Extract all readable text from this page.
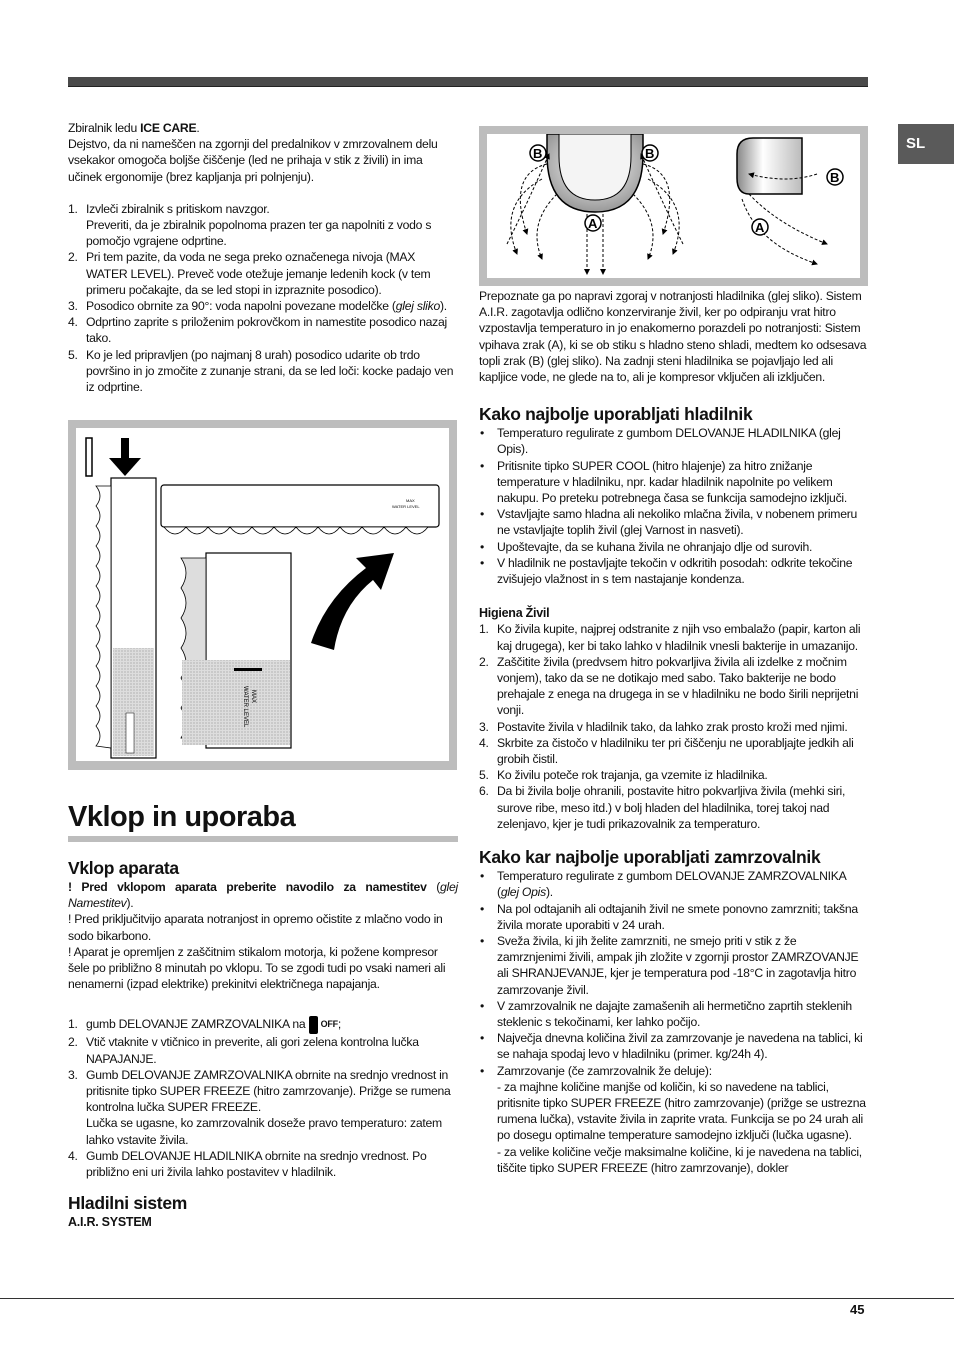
SL

Zbiralnik ledu ICE CARE.

Dejstvo, da ni nameščen na zgornji del predalnikov v zmrzovalnem delu vsekakor omogoča boljše čiščenje (led ne prihaja v stik z živili) in ima učinek ergonomije (brez kapljanja pri polnjenju).

1. Izvleči zbiralnik s pritiskom navzgor.
Preveriti, da je zbiralnik popolnoma prazen ter ga napolniti z vodo s pomočjo vgrajene odprtine.
2. Pri tem pazite, da voda ne sega preko označenega nivoja (MAX WATER LEVEL). Preveč vode otežuje jemanje ledenih kock (v tem primeru počakajte, da se led stopi in izpraznite posodico).
3. Posodico obrnite za 90°: voda napolni povezane modelčke (glej sliko).
4. Odprtino zaprite s priloženim pokrovčkom in namestite posodico nazaj tako.
5. Ko je led pripravljen (po najmanj 8 urah) posodico udarite ob trdo površino in jo zmočite z zunanje strani, da se led loči: kocke padajo ven iz odprtine.
MAX
WATER LEVEL
MAX
WATER LEVEL
Vklop in uporaba
Vklop aparata

! Pred vklopom aparata preberite navodilo za namestitev (glej Namestitev).

! Pred priključitvijo aparata notranjost in opremo očistite z mlačno vodo in sodo bikarbono.

! Aparat je opremljen z zaščitnim stikalom motorja, ki požene kompresor šele po približno 8 minutah po vklopu. To se zgodi tudi po vsaki nameri ali nenamerni (izpad elektrike) prekinitvi električnega napajanja.

1. gumb DELOVANJE ZAMRZOVALNIKA na OFF;
2. Vtič vtaknite v vtičnico in preverite, ali gori zelena kontrolna lučka NAPAJANJE.
3. Gumb DELOVANJE ZAMRZOVALNIKA obrnite na srednjo vrednost in pritisnite tipko SUPER FREEZE (hitro zamrzovanje). Prižge se rumena kontrolna lučka SUPER FREEZE.
Lučka se ugasne, ko zamrzovalnik doseže pravo temperaturo: zatem lahko vstavite živila.
4. Gumb DELOVANJE HLADILNIKA obrnite na srednjo vrednost. Po približno eni uri živila lahko postavitev v hladilnik.
Hladilni sistem
A.I.R. SYSTEM
B	B
A
B
A

Prepoznate ga po napravi zgoraj v notranjosti hladilnika (glej sliko). Sistem A.I.R. zagotavlja odlično konzerviranje živil, ker po odpiranju vrat hitro vzpostavlja temperaturo in jo enakomerno porazdeli po notranjosti: Sistem vpihava zrak (A), ki se ob stiku s hladno steno shladi, medtem ko odsesava topli zrak (B) (glej sliko). Na zadnji steni hladilnika se pojavljajo led ali kapljice vode, ne glede na to, ali je kompresor vključen ali izključen.

Kako najbolje uporabljati hladilnik
• Temperaturo regulirate z gumbom DELOVANJE HLADILNIKA (glej Opis).
• Pritisnite tipko SUPER COOL (hitro hlajenje) za hitro znižanje temperature v hladilniku, npr. kadar hladilnik napolnite po velikem nakupu. Po preteku potrebnega časa se funkcija samodejno izključi.
• Vstavljajte samo hladna ali nekoliko mlačna živila, v nobenem primeru ne vstavljajte toplih živil (glej Varnost in nasveti).
• Upoštevajte, da se kuhana živila ne ohranjajo dlje od surovih.
• V hladilnik ne postavljajte tekočin v odkritih posodah: odkrite tekočine zvišujejo vlažnost in s tem nastajanje kondenza.
Higiena Živil
1. Ko živila kupite, najprej odstranite z njih vso embalažo (papir, karton ali kaj drugega), ker bi tako lahko v hladilnik vnesli bakterije in umazanijo.
2. Zaščitite živila (predvsem hitro pokvarljiva živila ali izdelke z močnim vonjem), tako da se ne dotikajo med sabo. Tako bakterije ne bodo prehajale z enega na drugega in se v hladilniku ne bodo širili neprijetni vonji.
3. Postavite živila v hladilnik tako, da lahko zrak prosto kroži med njimi.
4. Skrbite za čistočo v hladilniku ter pri čiščenju ne uporabljajte jedkih ali grobih čistil.
5. Ko živilu poteče rok trajanja, ga vzemite iz hladilnika.
6. Da bi živila bolje ohranili, postavite hitro pokvarljiva živila (mehki siri, surove ribe, meso itd.) v bolj hladen del hladilnika, torej takoj nad zelenjavo, kjer je tudi prikazovalnik za temperaturo.
Kako kar najbolje uporabljati zamrzovalnik
• Temperaturo regulirate z gumbom DELOVANJE ZAMRZOVALNIKA (glej Opis).
• Na pol odtajanih ali odtajanih živil ne smete ponovno zamrzniti; takšna živila morate uporabiti v 24 urah.
• Sveža živila, ki jih želite zamrzniti, ne smejo priti v stik z že zamrznjenimi živili, ampak jih zložite v zgornji prostor ZAMRZOVANJE ali SHRANJEVANJE, kjer je temperatura pod -18°C in zagotavlja hitro zamrzovanje živil.
• V zamrzovalnik ne dajajte zamašenih ali hermetično zaprtih steklenih steklenic s tekočinami, ker lahko počijo.
• Največja dnevna količina živil za zamrzovanje je navedena na tablici, ki se nahaja spodaj levo v hladilniku (primer. kg/24h 4).
• Zamrzovanje (če zamrzovalnik že deluje):
- za majhne količine manjše od količin, ki so navedene na tablici, pritisnite tipko SUPER FREEZE (hitro zamrzovanje) (prižge se ustrezna rumena lučka), vstavite živila in zaprite vrata. Funkcija se po 24 urah ali po dosegu optimalne temperature samodejno izključi (lučka ugasne).
- za velike količine večje maksimalne količine, ki je navedena na tablici, tiščite tipko SUPER FREEZE (hitro zamrzovanje), dokler
45
